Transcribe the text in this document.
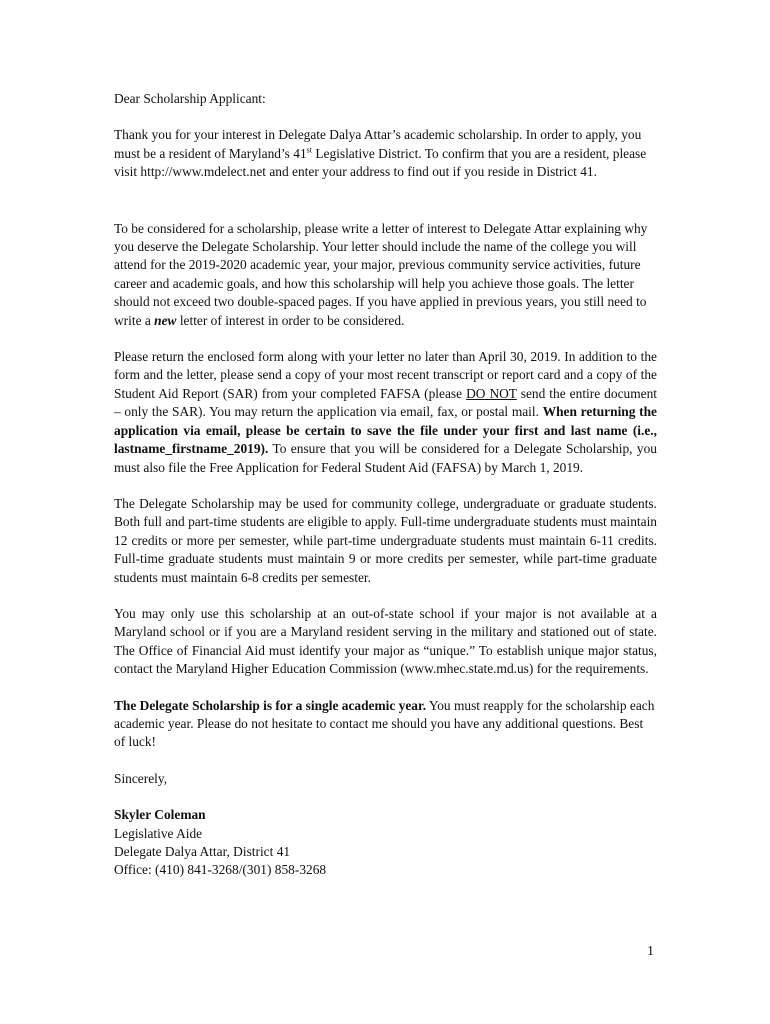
Dear Scholarship Applicant:

Thank you for your interest in Delegate Dalya Attar’s academic scholarship. In order to apply, you must be a resident of Maryland’s 41st Legislative District. To confirm that you are a resident, please visit http://www.mdelect.net and enter your address to find out if you reside in District 41.

To be considered for a scholarship, please write a letter of interest to Delegate Attar explaining why you deserve the Delegate Scholarship. Your letter should include the name of the college you will attend for the 2019-2020 academic year, your major, previous community service activities, future career and academic goals, and how this scholarship will help you achieve those goals. The letter should not exceed two double-spaced pages. If you have applied in previous years, you still need to write a new letter of interest in order to be considered.

Please return the enclosed form along with your letter no later than April 30, 2019. In addition to the form and the letter, please send a copy of your most recent transcript or report card and a copy of the Student Aid Report (SAR) from your completed FAFSA (please DO NOT send the entire document – only the SAR). You may return the application via email, fax, or postal mail. When returning the application via email, please be certain to save the file under your first and last name (i.e., lastname_firstname_2019). To ensure that you will be considered for a Delegate Scholarship, you must also file the Free Application for Federal Student Aid (FAFSA) by March 1, 2019.

The Delegate Scholarship may be used for community college, undergraduate or graduate students. Both full and part-time students are eligible to apply. Full-time undergraduate students must maintain 12 credits or more per semester, while part-time undergraduate students must maintain 6-11 credits. Full-time graduate students must maintain 9 or more credits per semester, while part-time graduate students must maintain 6-8 credits per semester.

You may only use this scholarship at an out-of-state school if your major is not available at a Maryland school or if you are a Maryland resident serving in the military and stationed out of state. The Office of Financial Aid must identify your major as “unique.” To establish unique major status, contact the Maryland Higher Education Commission (www.mhec.state.md.us) for the requirements.

The Delegate Scholarship is for a single academic year. You must reapply for the scholarship each academic year. Please do not hesitate to contact me should you have any additional questions. Best of luck!

Sincerely,

Skyler Coleman
Legislative Aide
Delegate Dalya Attar, District 41
Office: (410) 841-3268/(301) 858-3268
1
